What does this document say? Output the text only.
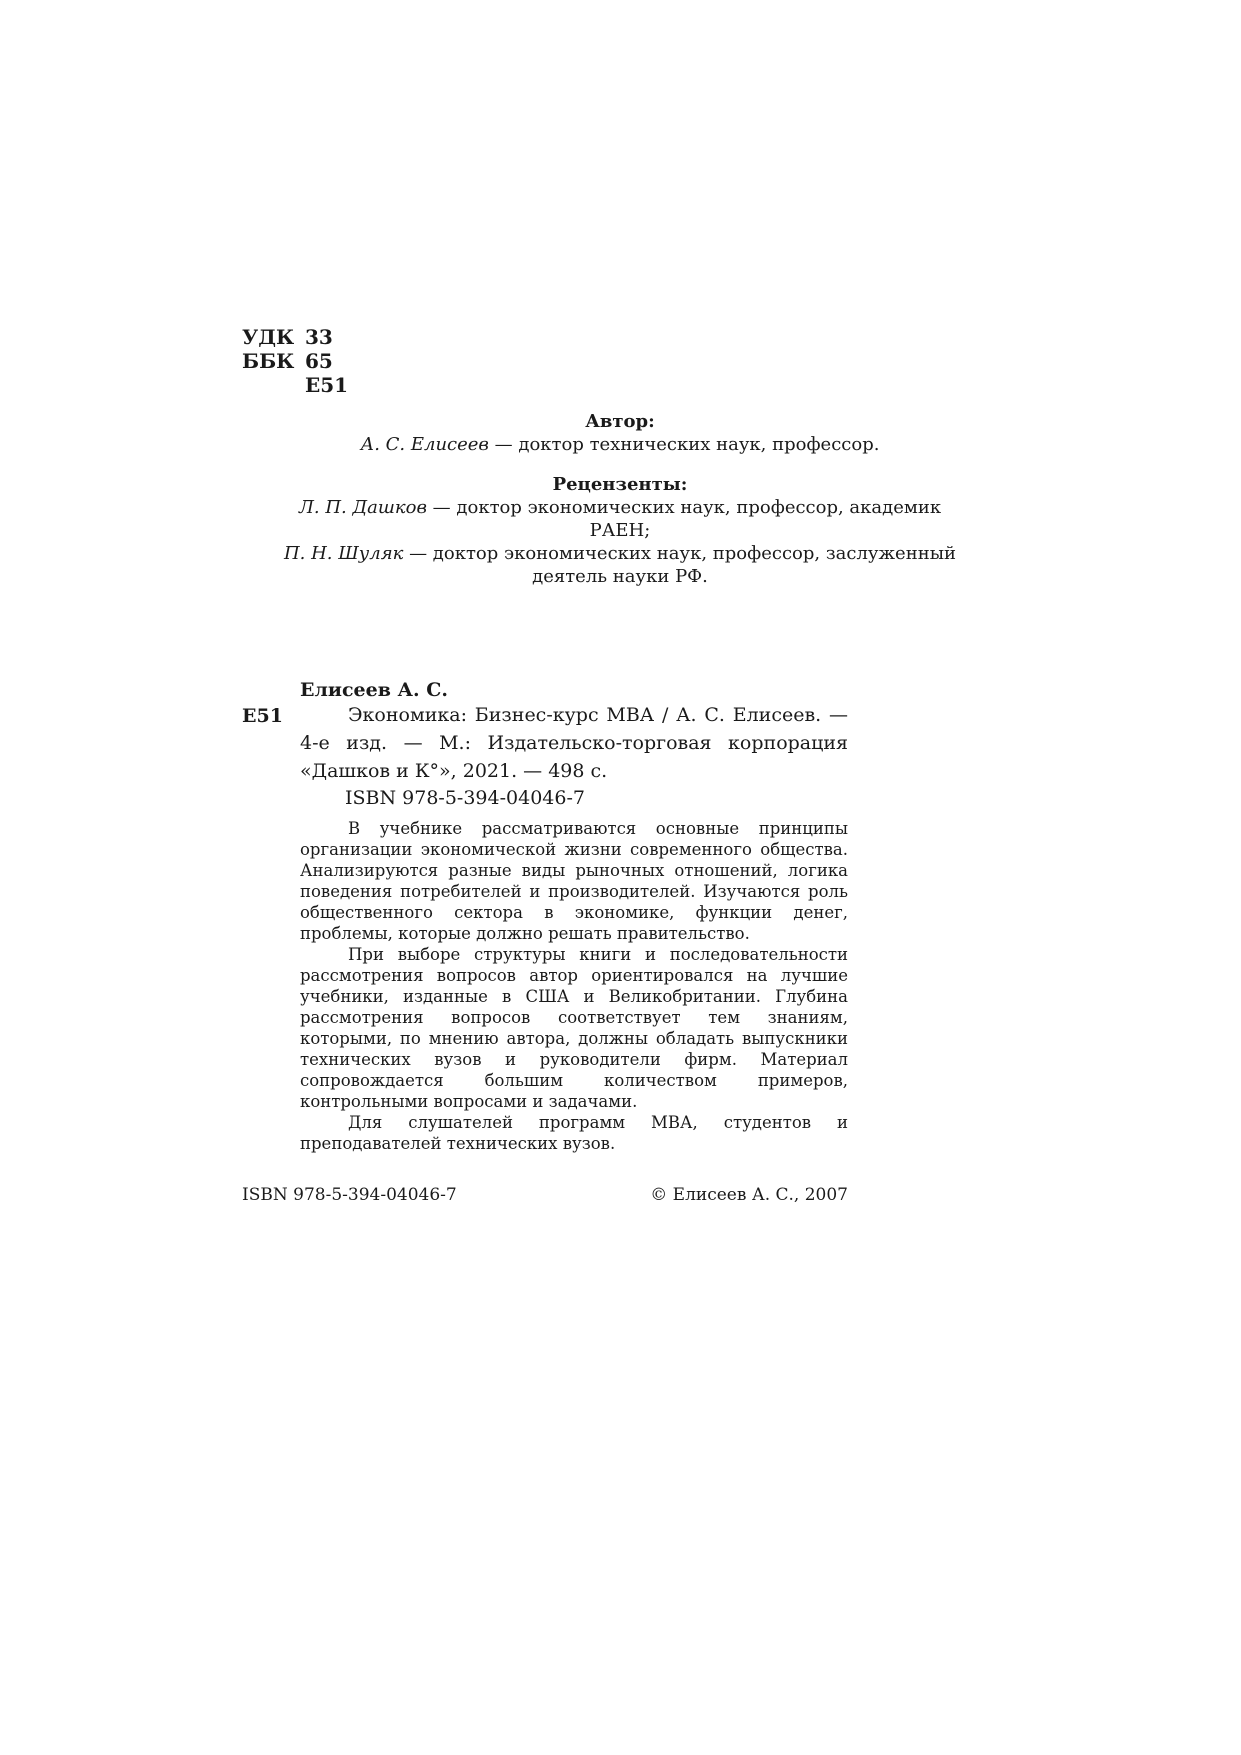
УДК 33
ББК 65
Е51
Автор:
А. С. Елисеев — доктор технических наук, профессор.
Рецензенты:
Л. П. Дашков — доктор экономических наук, профессор, академик
РАЕН;
П. Н. Шуляк — доктор экономических наук, профессор, заслуженный
деятель науки РФ.
Елисеев А. С.
Е51	Экономика: Бизнес-курс МВА / А. С. Елисеев. — 4-е изд. — М.: Издательско-торговая корпорация «Дашков и К°», 2021. — 498 с.

ISBN 978-5-394-04046-7

В учебнике рассматриваются основные принципы организации экономической жизни современного общества. Анализируются разные виды рыночных отношений, логика поведения потребителей и производителей. Изучаются роль общественного сектора в экономике, функции денег, проблемы, которые должно решать правительство.

При выборе структуры книги и последовательности рассмотрения вопросов автор ориентировался на лучшие учебники, изданные в США и Великобритании. Глубина рассмотрения вопросов соответствует тем знаниям, которыми, по мнению автора, должны обладать выпускники технических вузов и руководители фирм. Материал сопровождается большим количеством примеров, контрольными вопросами и задачами.

Для слушателей программ МВА, студентов и преподавателей технических вузов.

ISBN 978-5-394-04046-7	© Елисеев А. С., 2007
